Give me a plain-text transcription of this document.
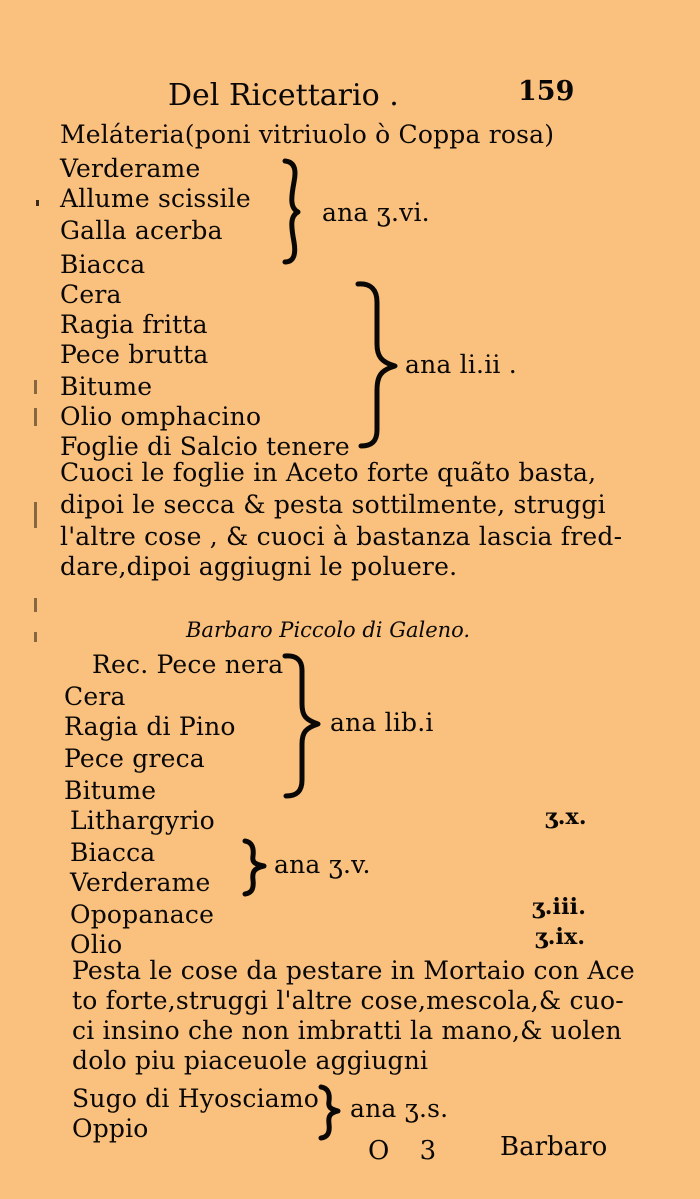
Del Ricettario .	159
Meláteria(poni vitriuolo ò Coppa rosa)
Verderame
Allume scissile
Galla acerba
Biacca
ana ʒ.vi.
Cera
Ragia fritta
Pece brutta
Bitume
Olio omphacino
Foglie di Salcio tenere
ana li.ii .
Cuoci le foglie in Aceto forte quãto basta,
dipoi le secca & pesta sottilmente, struggi
l'altre cose , & cuoci à bastanza lascia fred-
dare,dipoi aggiugni le poluere.
Barbaro Piccolo di Galeno.
Rec. Pece nera
Cera
Ragia di Pino
Pece greca
Bitume
ana lib.i
Lithargyrio	ʒ.x.
Biacca
Verderame
ana ʒ.v.
Opopanace	ʒ.iii.
Olio	ʒ.ix.
Pesta le cose da pestare in Mortaio con Ace
to forte,struggi l'altre cose,mescola,& cuo-
ci insino che non imbratti la mano,& uolen
dolo piu piaceuole aggiugni
Sugo di Hyosciamo
Oppio
ana ʒ.s.
O 3 Barbaro
